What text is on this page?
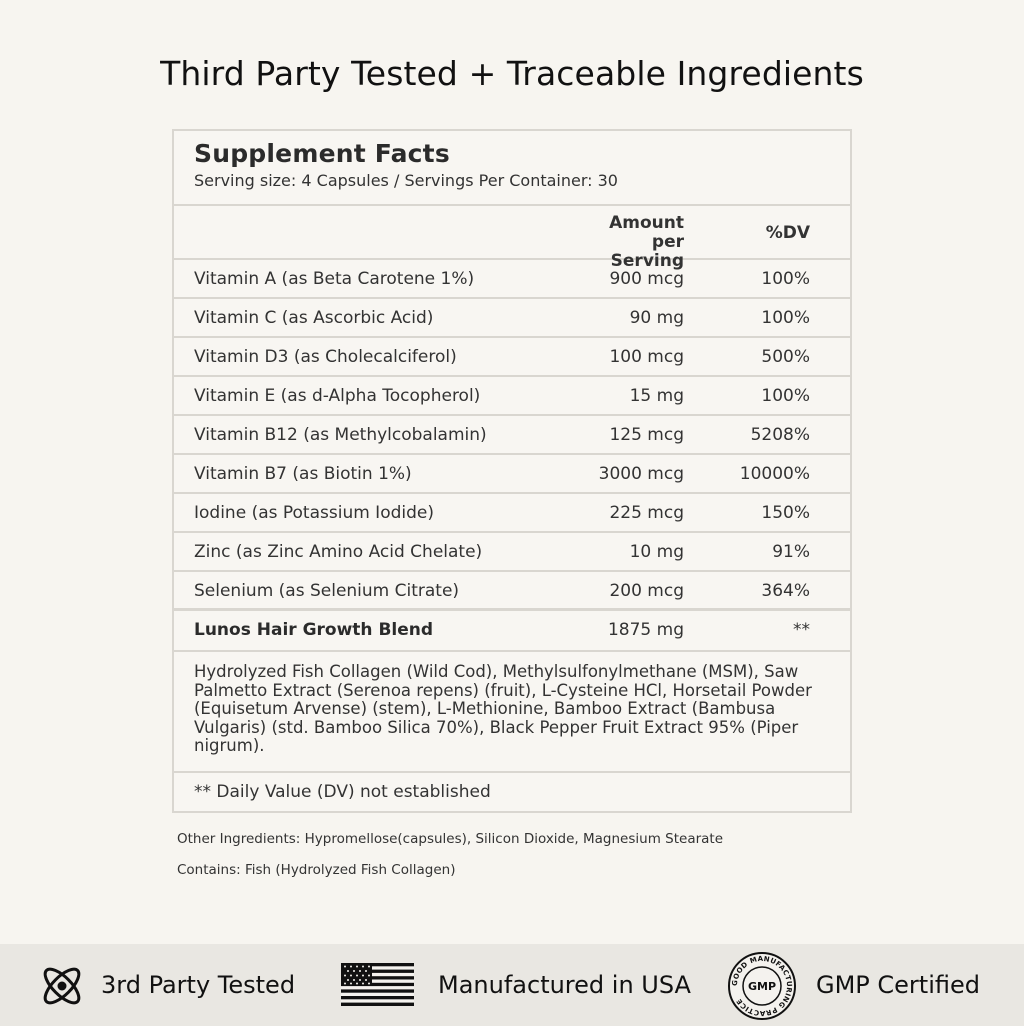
Third Party Tested + Traceable Ingredients
Supplement Facts
Serving size: 4 Capsules / Servings Per Container: 30
Amount
per Serving
%DV
Vitamin A (as Beta Carotene 1%)	900 mcg	100%
Vitamin C (as Ascorbic Acid)	90 mg	100%
Vitamin D3 (as Cholecalciferol)	100 mcg	500%
Vitamin E (as d-Alpha Tocopherol)	15 mg	100%
Vitamin B12 (as Methylcobalamin)	125 mcg	5208%
Vitamin B7 (as Biotin 1%)	3000 mcg	10000%
Iodine (as Potassium Iodide)	225 mcg	150%
Zinc (as Zinc Amino Acid Chelate)	10 mg	91%
Selenium (as Selenium Citrate)	200 mcg	364%
Lunos Hair Growth Blend	1875 mg	**
Hydrolyzed Fish Collagen (Wild Cod), Methylsulfonylmethane (MSM), Saw Palmetto Extract (Serenoa repens) (fruit), L-Cysteine HCl, Horsetail Powder (Equisetum Arvense) (stem), L-Methionine, Bamboo Extract (Bambusa Vulgaris) (std. Bamboo Silica 70%), Black Pepper Fruit Extract 95% (Piper nigrum).
** Daily Value (DV) not established
Other Ingredients: Hypromellose(capsules), Silicon Dioxide, Magnesium Stearate
Contains: Fish (Hydrolyzed Fish Collagen)
3rd Party Tested	Manufactured in USA	GOOD MANUFACTURING PRACTICE
GMP GMP Certified
